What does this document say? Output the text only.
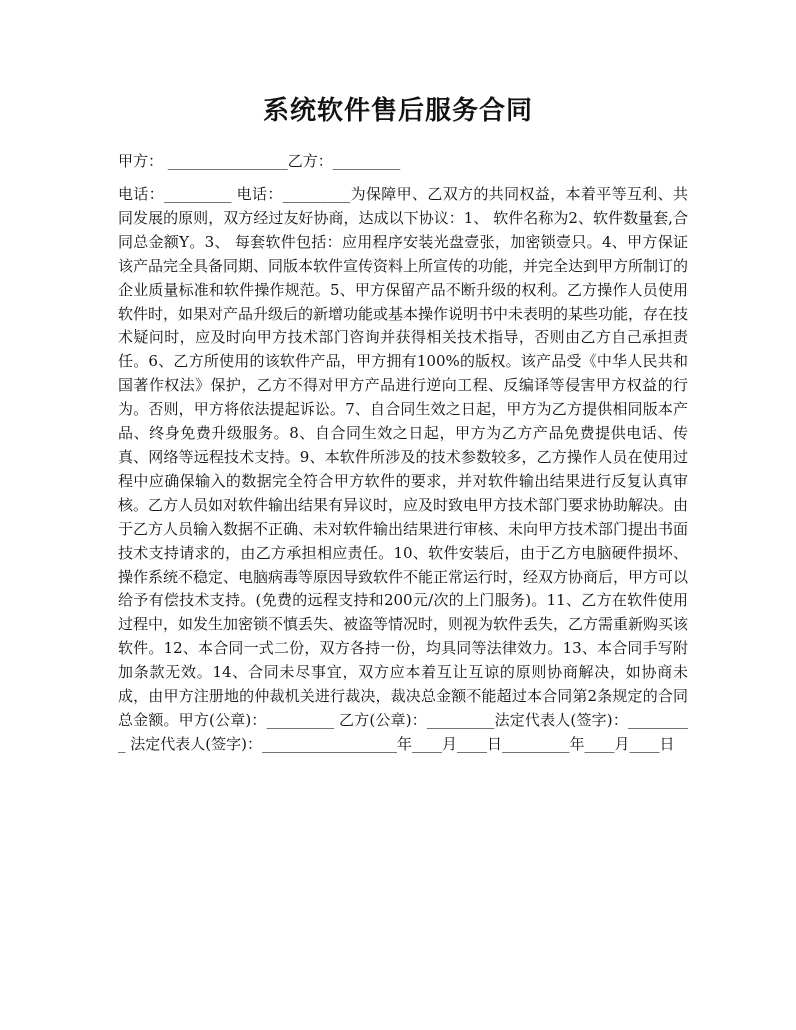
系统软件售后服务合同

甲方： ________________乙方：_________

电话：_________ 电话：_________为保障甲、乙双方的共同权益，本着平等互利、共同发展的原则，双方经过友好协商，达成以下协议：1、 软件名称为2、软件数量套,合同总金额Y。3、 每套软件包括：应用程序安装光盘壹张，加密锁壹只。4、甲方保证该产品完全具备同期、同版本软件宣传资料上所宣传的功能，并完全达到甲方所制订的企业质量标准和软件操作规范。5、甲方保留产品不断升级的权利。乙方操作人员使用软件时，如果对产品升级后的新增功能或基本操作说明书中未表明的某些功能，存在技术疑问时，应及时向甲方技术部门咨询并获得相关技术指导，否则由乙方自己承担责任。6、乙方所使用的该软件产品，甲方拥有100%的版权。该产品受《中华人民共和国著作权法》保护，乙方不得对甲方产品进行逆向工程、反编译等侵害甲方权益的行为。否则，甲方将依法提起诉讼。7、自合同生效之日起，甲方为乙方提供相同版本产品、终身免费升级服务。8、自合同生效之日起，甲方为乙方产品免费提供电话、传真、网络等远程技术支持。9、本软件所涉及的技术参数较多，乙方操作人员在使用过程中应确保输入的数据完全符合甲方软件的要求，并对软件输出结果进行反复认真审核。乙方人员如对软件输出结果有异议时，应及时致电甲方技术部门要求协助解决。由于乙方人员输入数据不正确、未对软件输出结果进行审核、未向甲方技术部门提出书面技术支持请求的，由乙方承担相应责任。10、软件安装后，由于乙方电脑硬件损坏、操作系统不稳定、电脑病毒等原因导致软件不能正常运行时，经双方协商后，甲方可以给予有偿技术支持。(免费的远程支持和200元/次的上门服务)。11、乙方在软件使用过程中，如发生加密锁不慎丢失、被盗等情况时，则视为软件丢失，乙方需重新购买该软件。12、本合同一式二份，双方各持一份，均具同等法律效力。13、本合同手写附加条款无效。14、合同未尽事宜，双方应本着互让互谅的原则协商解决，如协商未成，由甲方注册地的仲裁机关进行裁决，裁决总金额不能超过本合同第2条规定的合同总金额。甲方(公章)：_________ 乙方(公章)：_________法定代表人(签字)：_________ 法定代表人(签字)：__________________年____月____日_________年____月____日
